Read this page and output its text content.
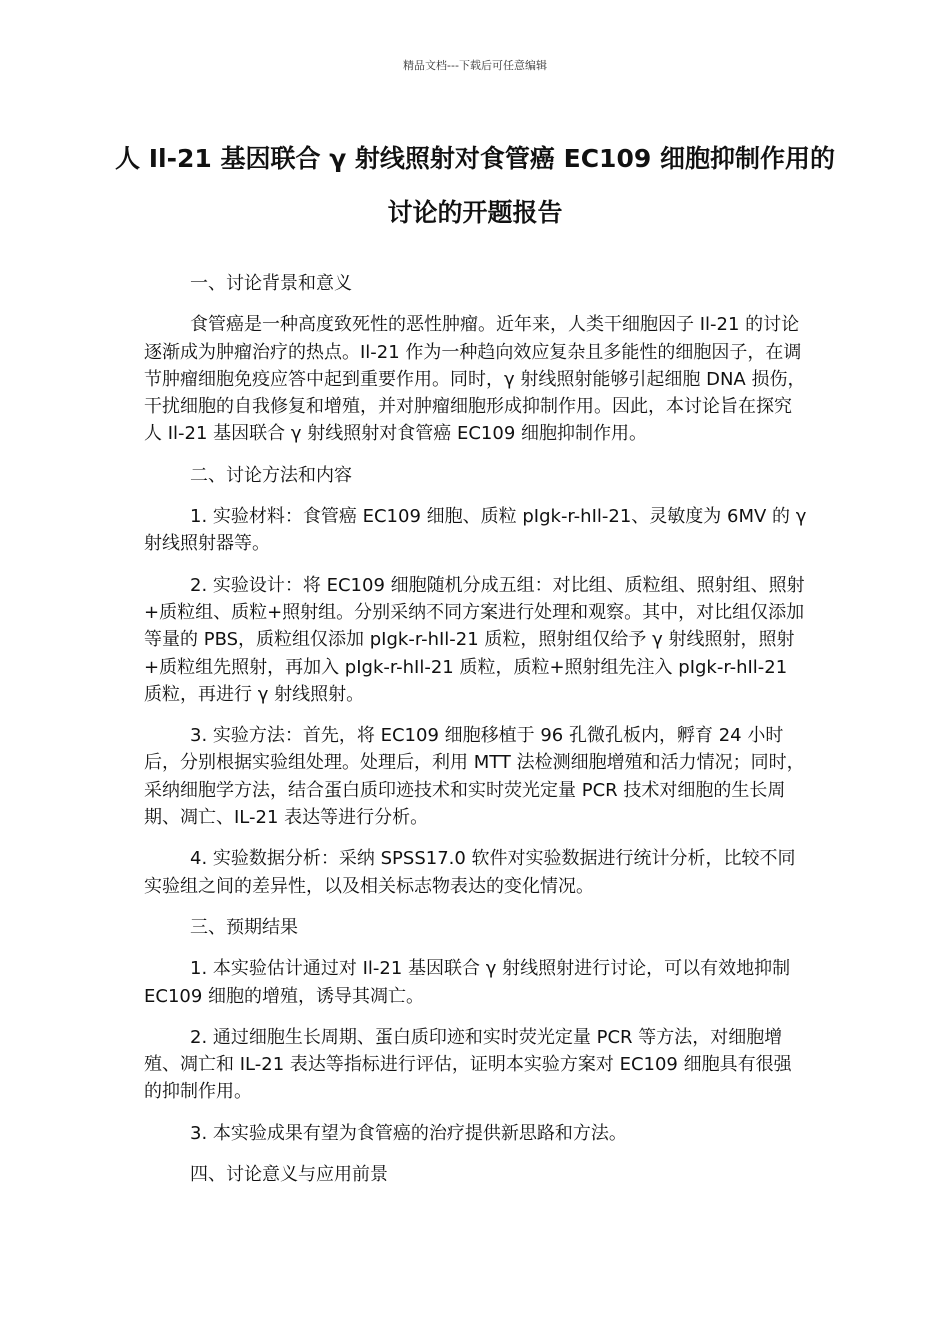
精品文档---下载后可任意编辑
人 Il-21 基因联合 γ 射线照射对食管癌 EC109 细胞抑制作用的讨论的开题报告

一、讨论背景和意义

食管癌是一种高度致死性的恶性肿瘤。近年来，人类干细胞因子 Il-21 的讨论逐渐成为肿瘤治疗的热点。Il-21 作为一种趋向效应复杂且多能性的细胞因子，在调节肿瘤细胞免疫应答中起到重要作用。同时，γ 射线照射能够引起细胞 DNA 损伤，干扰细胞的自我修复和增殖，并对肿瘤细胞形成抑制作用。因此，本讨论旨在探究人 Il-21 基因联合 γ 射线照射对食管癌 EC109 细胞抑制作用。

二、讨论方法和内容

1. 实验材料：食管癌 EC109 细胞、质粒 pIgk-r-hIl-21、灵敏度为 6MV 的 γ 射线照射器等。

2. 实验设计：将 EC109 细胞随机分成五组：对比组、质粒组、照射组、照射+质粒组、质粒+照射组。分别采纳不同方案进行处理和观察。其中，对比组仅添加等量的 PBS，质粒组仅添加 pIgk-r-hIl-21 质粒，照射组仅给予 γ 射线照射，照射+质粒组先照射，再加入 pIgk-r-hIl-21 质粒，质粒+照射组先注入 pIgk-r-hIl-21 质粒，再进行 γ 射线照射。

3. 实验方法：首先，将 EC109 细胞移植于 96 孔微孔板内，孵育 24 小时后，分别根据实验组处理。处理后，利用 MTT 法检测细胞增殖和活力情况；同时，采纳细胞学方法，结合蛋白质印迹技术和实时荧光定量 PCR 技术对细胞的生长周期、凋亡、IL-21 表达等进行分析。

4. 实验数据分析：采纳 SPSS17.0 软件对实验数据进行统计分析，比较不同实验组之间的差异性，以及相关标志物表达的变化情况。

三、预期结果

1. 本实验估计通过对 Il-21 基因联合 γ 射线照射进行讨论，可以有效地抑制 EC109 细胞的增殖，诱导其凋亡。

2. 通过细胞生长周期、蛋白质印迹和实时荧光定量 PCR 等方法，对细胞增殖、凋亡和 IL-21 表达等指标进行评估，证明本实验方案对 EC109 细胞具有很强的抑制作用。

3. 本实验成果有望为食管癌的治疗提供新思路和方法。

四、讨论意义与应用前景
